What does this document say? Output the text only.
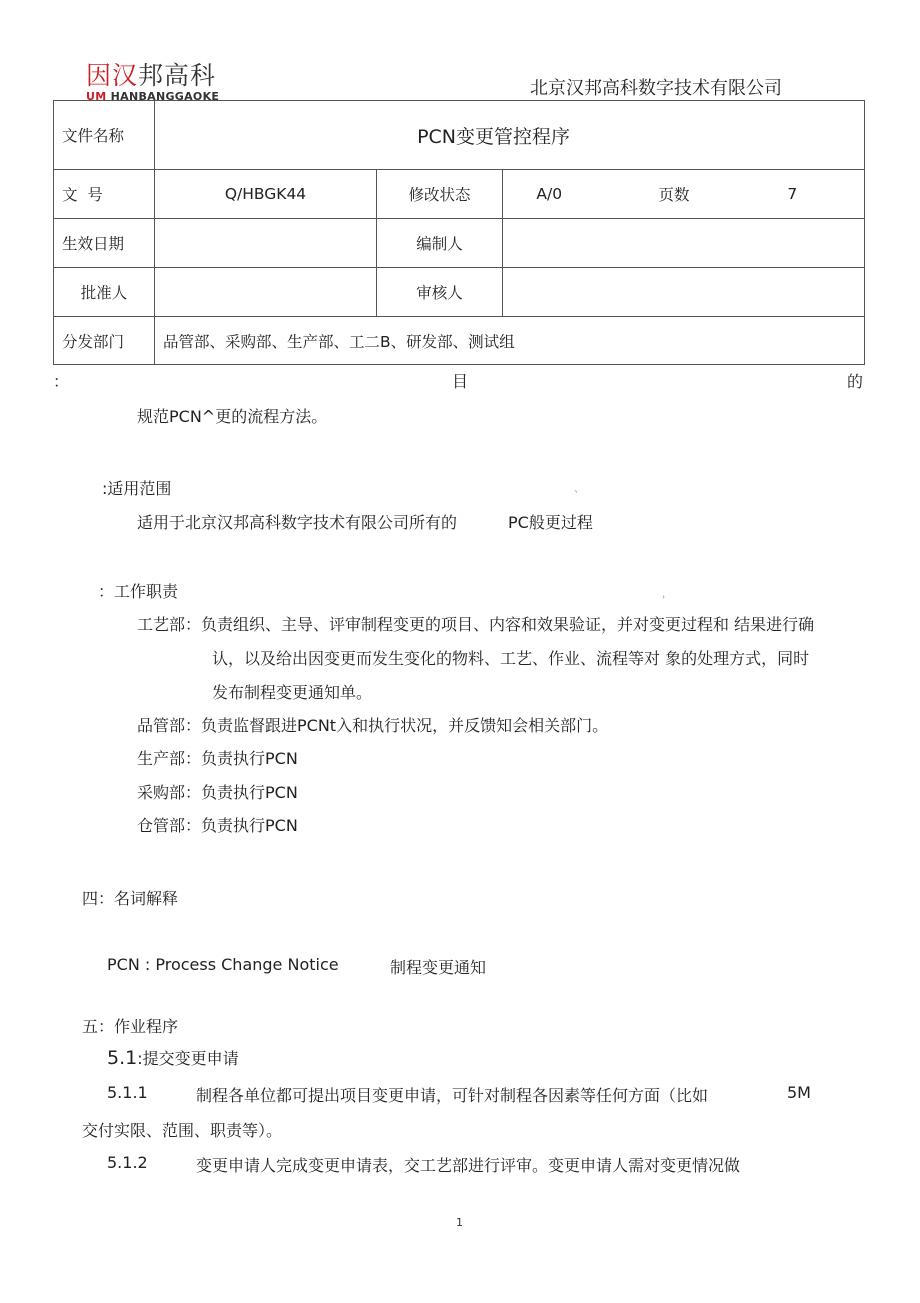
因汉邦高科
UM HANBANGGAOKE	北京汉邦高科数字技术有限公司
文件名称	PCN变更管控程序				
文  号	Q/HBGK44	修改状态	A/0	页数	7
生效日期		编制人			
批准人		审核人			
分发部门	品管部、采购部、生产部、工二B、研发部、测试组				
：	目	的
规范PCN^更的流程方法。
:适用范围	、
适用于北京汉邦高科数字技术有限公司所有的	PC般更过程
：工作职责	，
工艺部：负责组织、主导、评审制程变更的项目、内容和效果验证，并对变更过程和 结果进行确
认，以及给出因变更而发生变化的物料、工艺、作业、流程等对 象的处理方式，同时
发布制程变更通知单。
品管部：负责监督跟进PCNt入和执行状况，并反馈知会相关部门。
生产部：负责执行PCN
采购部：负责执行PCN
仓管部：负责执行PCN
四：名词解释
PCN : Process Change Notice	制程变更通知
五：作业程序
5.1:提交变更申请
5.1.1	制程各单位都可提出项目变更申请，可针对制程各因素等任何方面（比如	5M
交付实限、范围、职责等）。
5.1.2	变更申请人完成变更申请表，交工艺部进行评审。变更申请人需对变更情况做
1
